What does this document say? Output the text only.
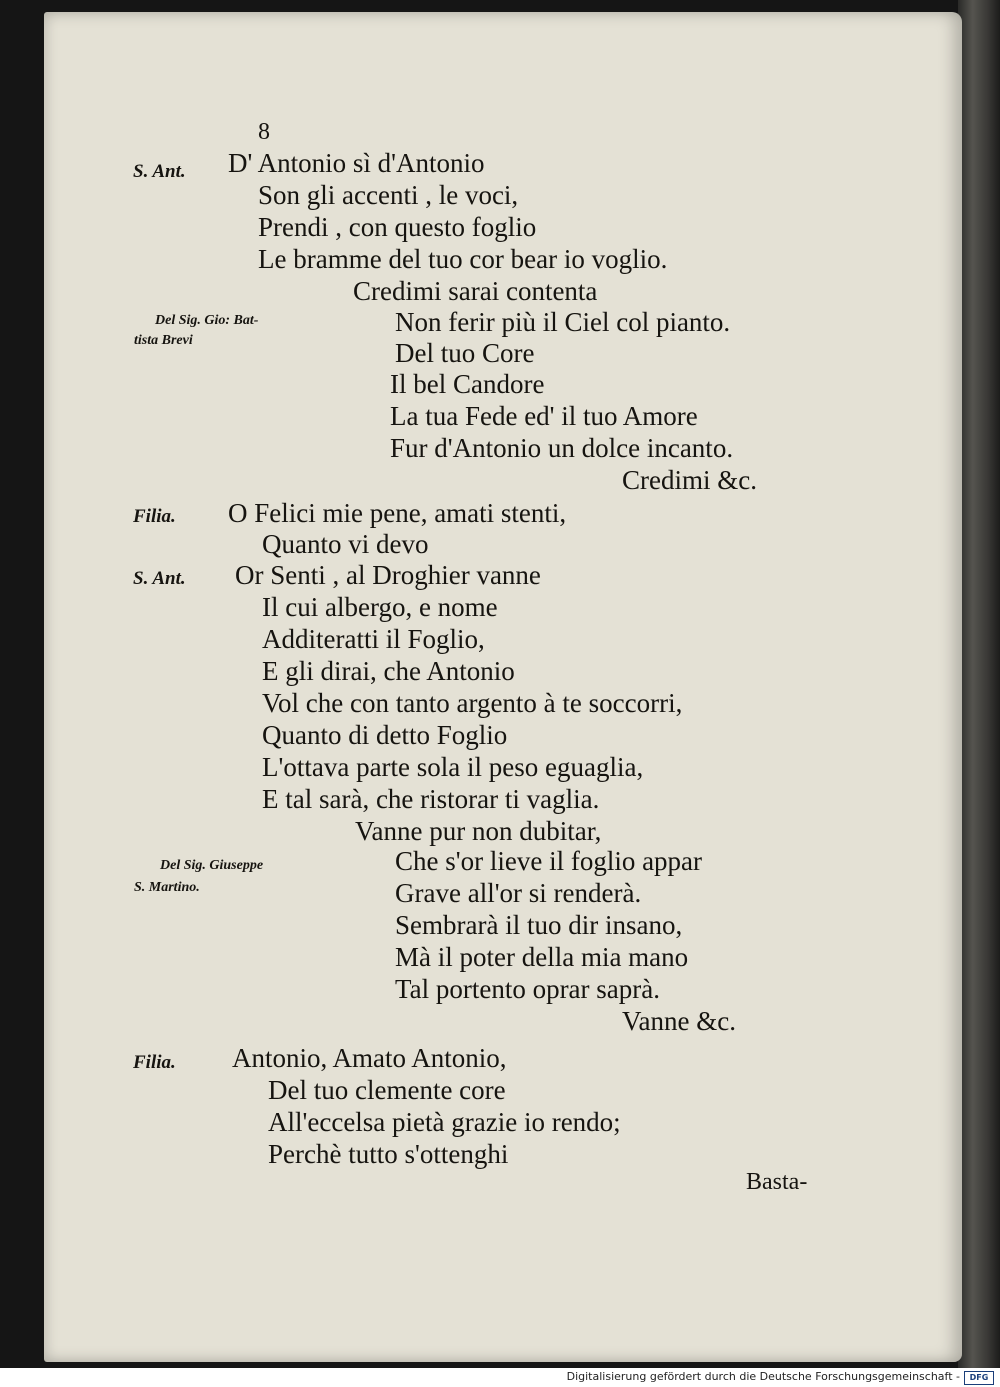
8
S. Ant.
Filia.
S. Ant.
Filia.
Del Sig. Gio: Bat-
tista Brevi
Del Sig. Giuseppe
S. Martino.
D' Antonio sì d'Antonio
Son gli accenti , le voci,
Prendi , con questo foglio
Le bramme del tuo cor bear io voglio.
Credimi sarai contenta
Non ferir più il Ciel col pianto.
Del tuo Core
Il bel Candore
La tua Fede ed' il tuo Amore
Fur d'Antonio un dolce incanto.
Credimi &c.
O Felici mie pene, amati stenti,
Quanto vi devo
Or Senti , al Droghier vanne
Il cui albergo, e nome
Additeratti il Foglio,
E gli dirai, che Antonio
Vol che con tanto argento à te soccorri,
Quanto di detto Foglio
L'ottava parte sola il peso eguaglia,
E tal sarà, che ristorar ti vaglia.
Vanne pur non dubitar,
Che s'or lieve il foglio appar
Grave all'or si renderà.
Sembrarà il tuo dir insano,
Mà il poter della mia mano
Tal portento oprar saprà.
Vanne &c.
Antonio, Amato Antonio,
Del tuo clemente core
All'eccelsa pietà grazie io rendo;
Perchè tutto s'ottenghi
Basta-
Digitalisierung gefördert durch die Deutsche Forschungsgemeinschaft -	DFG
